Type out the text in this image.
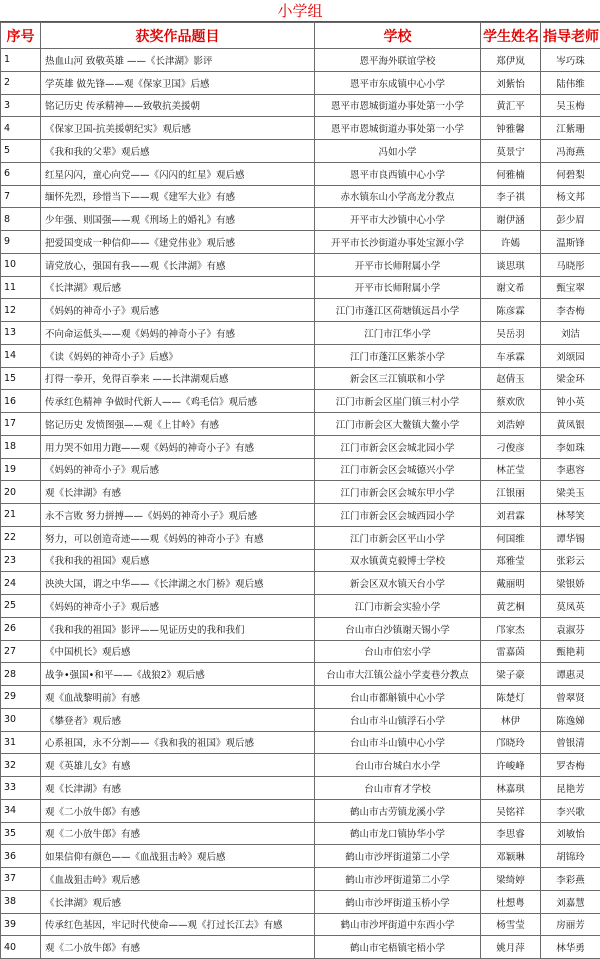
小学组
序号	获奖作品题目	学校	学生姓名	指导老师
1	热血山河 致敬英雄 ——《长津湖》影评	恩平海外联谊学校	郑伊岚	岑巧珠
2	学英雄 做先锋——观《保家卫国》后感	恩平市东成镇中心小学	刘紫怡	陆伟维
3	铭记历史 传承精神——致敬抗美援朝	恩平市恩城街道办事处第一小学	黄汇平	吴玉梅
4	《保家卫国-抗美援朝纪实》观后感	恩平市恩城街道办事处第一小学	钟雅馨	江紫珊
5	《我和我的父辈》观后感	冯如小学	莫景宁	冯海燕
6	红星闪闪，童心向党——《闪闪的红星》观后感	恩平市良西镇中心小学	何雅楠	何碧梨
7	缅怀先烈，珍惜当下——观《建军大业》有感	赤水镇东山小学高龙分教点	李子祺	杨文邦
8	少年强、则国强——观《刑场上的婚礼》有感	开平市大沙镇中心小学	谢伊涵	彭少眉
9	把爱国变成一种信仰——《建党伟业》观后感	开平市长沙街道办事处宝源小学	许嫣	温斯锋
10	请党放心，强国有我——观《长津湖》有感	开平市长师附属小学	谈思琪	马晓彤
11	《长津湖》观后感	开平市长师附属小学	谢文希	甄宝翠
12	《妈妈的神奇小子》观后感	江门市蓬江区荷塘镇远昌小学	陈彦霖	李杏梅
13	不向命运低头——观《妈妈的神奇小子》有感	江门市江华小学	吴岳羽	刘洁
14	《读《妈妈的神奇小子》后感》	江门市蓬江区紫茶小学	车承霖	刘颂园
15	打得一拳开，免得百拳来 ——长津湖观后感	新会区三江镇联和小学	赵倩玉	梁金环
16	传承红色精神 争做时代新人——《鸡毛信》观后感	江门市新会区崖门镇三村小学	蔡欢欣	钟小英
17	铭记历史 发愤图强——观《上甘岭》有感	江门市新会区大鳌镇大鳌小学	刘浩婷	黄凤银
18	用力哭不如用力跑——观《妈妈的神奇小子》有感	江门市新会区会城北园小学	刁俊彦	李如珠
19	《妈妈的神奇小子》观后感	江门市新会区会城德兴小学	林芷莹	李惠容
20	观《长津湖》有感	江门市新会区会城东甲小学	江银丽	梁美玉
21	永不言败 努力拼搏——《妈妈的神奇小子》观后感	江门市新会区会城西园小学	刘君霖	林琴笑
22	努力，可以创造奇迹——观《妈妈的神奇小子》有感	江门市新会区平山小学	何国维	谭华锡
23	《我和我的祖国》观后感	双水镇黄克毅博士学校	郑雅莹	张彩云
24	泱泱大国，谓之中华——《长津湖之水门桥》观后感	新会区双水镇天台小学	戴丽明	梁银娇
25	《妈妈的神奇小子》观后感	江门市新会实验小学	黄艺桐	莫凤英
26	《我和我的祖国》影评——见证历史的我和我们	台山市白沙镇谢天锡小学	邝家杰	袁淑芬
27	《中国机长》观后感	台山市伯宏小学	雷嘉茵	甄艳莉
28	战争•强国•和平——《战狼2》观后感	台山市大江镇公益小学麦巷分教点	梁子豪	谭惠灵
29	观《血战黎明前》有感	台山市都斛镇中心小学	陈楚灯	曾翠贤
30	《攀登者》观后感	台山市斗山镇浮石小学	林伊	陈逸娣
31	心系祖国，永不分割——《我和我的祖国》观后感	台山市斗山镇中心小学	邝晓玲	曾银清
32	观《英雄儿女》有感	台山市台城白水小学	许峻峰	罗杏梅
33	观《长津湖》有感	台山市育才学校	林嘉琪	昆艳芳
34	观《二小放牛郎》有感	鹤山市古劳镇龙溪小学	吴铭祥	李兴歌
35	观《二小放牛郎》有感	鹤山市龙口镇协华小学	李思睿	刘敏怡
36	如果信仰有颜色——《血战狙击岭》观后感	鹤山市沙坪街道第二小学	邓颖琳	胡锦玲
37	《血战狙击岭》观后感	鹤山市沙坪街道第二小学	梁绮婷	李彩燕
38	《长津湖》观后感	鹤山市沙坪街道玉桥小学	杜想粤	刘嘉慧
39	传承红色基因，牢记时代使命——观《打过长江去》有感	鹤山市沙坪街道中东西小学	杨雪莹	房丽芳
40	观《二小放牛郎》有感	鹤山市宅梧镇宅梧小学	姚月萍	林华勇
